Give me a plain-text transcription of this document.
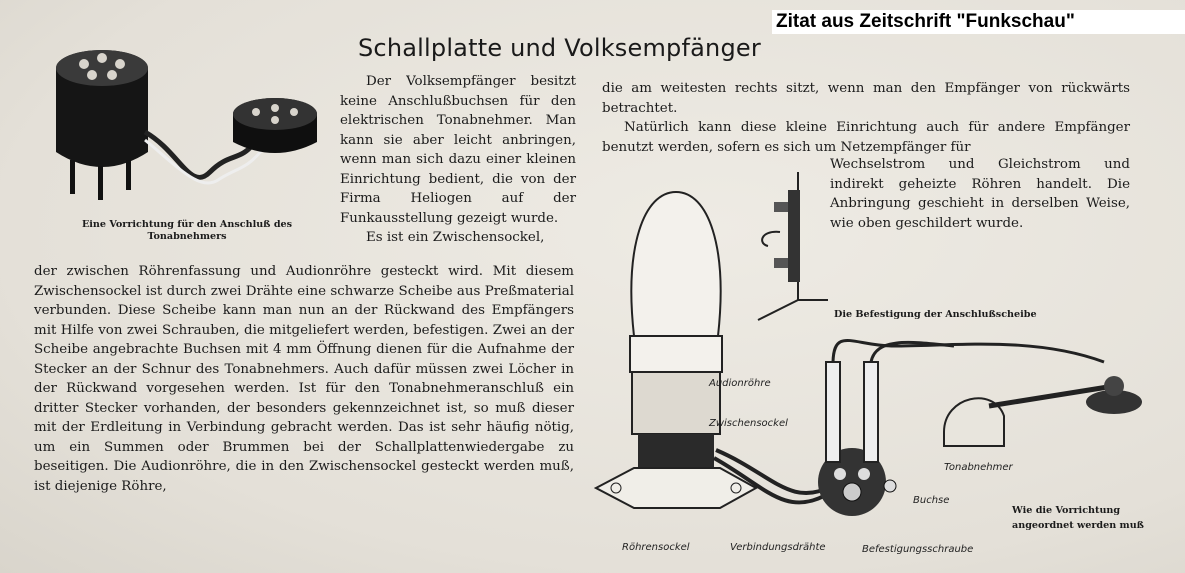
Zitat aus Zeitschrift "Funkschau"
Schallplatte und Volksempfänger
Eine Vorrichtung für den Anschluß des Tonabnehmers

Der Volksempfänger besitzt keine Anschlußbuchsen für den elektrischen Tonabnehmer. Man kann sie aber leicht anbringen, wenn man sich dazu einer kleinen Einrichtung bedient, die von der Firma Heliogen auf der Funkausstellung gezeigt wurde.

Es ist ein Zwischensockel,

der zwischen Röhrenfassung und Audionröhre gesteckt wird. Mit diesem Zwischensockel ist durch zwei Drähte eine schwarze Scheibe aus Preßmaterial verbunden. Diese Scheibe kann man nun an der Rückwand des Empfängers mit Hilfe von zwei Schrauben, die mitgeliefert werden, befestigen. Zwei an der Scheibe angebrachte Buchsen mit 4 mm Öffnung dienen für die Aufnahme der Stecker an der Schnur des Tonabnehmers. Auch dafür müssen zwei Löcher in der Rückwand vorgesehen werden. Ist für den Tonabnehmeranschluß ein dritter Stecker vorhanden, der besonders gekennzeichnet ist, so muß dieser mit der Erdleitung in Verbindung gebracht werden. Das ist sehr häufig nötig, um ein Summen oder Brummen bei der Schallplattenwiedergabe zu beseitigen. Die Audionröhre, die in den Zwischensockel gesteckt werden muß, ist diejenige Röhre,

die am weitesten rechts sitzt, wenn man den Empfänger von rückwärts betrachtet.

Natürlich kann diese kleine Einrichtung auch für andere Empfänger benutzt werden, sofern es sich um Netzempfänger für

Wechselstrom und Gleichstrom und indirekt geheizte Röhren handelt. Die Anbringung geschieht in derselben Weise, wie oben geschildert wurde.

Die Befestigung der Anschlußscheibe
Audionröhre
Zwischensockel
Röhrensockel	Verbindungsdrähte	Befestigungsschraube
Buchse
Tonabnehmer
Wie die Vorrichtung angeordnet werden muß
